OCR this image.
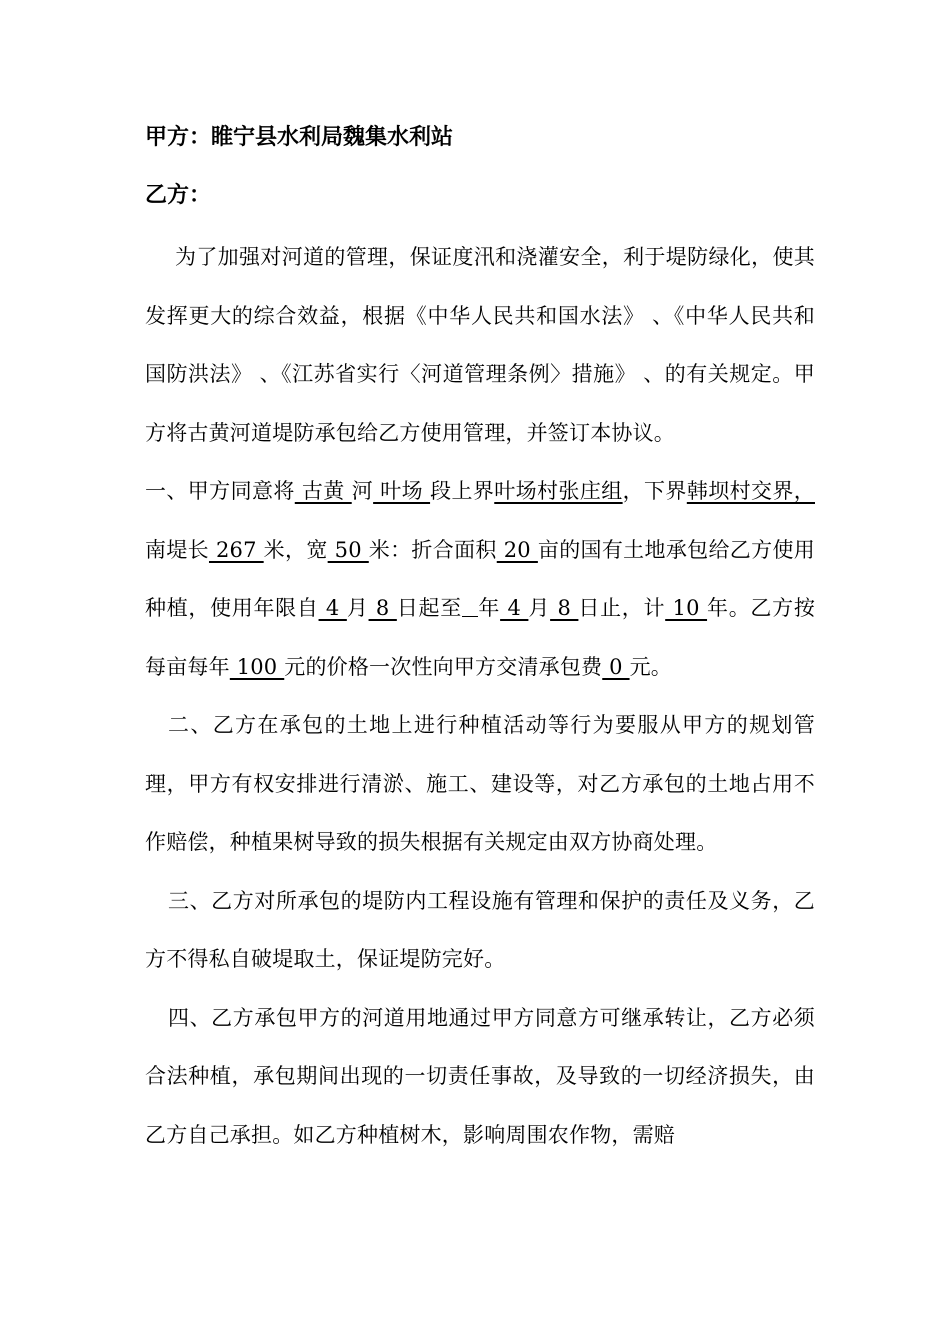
甲方：睢宁县水利局魏集水利站

乙方：

为了加强对河道的管理，保证度汛和浇灌安全，利于堤防绿化，使其发挥更大的综合效益，根据《中华人民共和国水法》 、《中华人民共和国防洪法》 、《江苏省实行〈河道管理条例〉措施》 、的有关规定。甲方将古黄河道堤防承包给乙方使用管理，并签订本协议。

一、甲方同意将 古黄 河 叶场 段上界叶场村张庄组，下界韩坝村交界，南堤长 267 米，宽 50 米：折合面积 20 亩的国有土地承包给乙方使用种植，使用年限自 4 月 8 日起至 年 4 月 8 日止，计 10 年。乙方按每亩每年 100 元的价格一次性向甲方交清承包费 0 元。

二、乙方在承包的土地上进行种植活动等行为要服从甲方的规划管理，甲方有权安排进行清淤、施工、建设等，对乙方承包的土地占用不作赔偿，种植果树导致的损失根据有关规定由双方协商处理。

三、乙方对所承包的堤防内工程设施有管理和保护的责任及义务，乙方不得私自破堤取土，保证堤防完好。

四、乙方承包甲方的河道用地通过甲方同意方可继承转让，乙方必须合法种植，承包期间出现的一切责任事故，及导致的一切经济损失，由乙方自己承担。如乙方种植树木，影响周围农作物，需赔
